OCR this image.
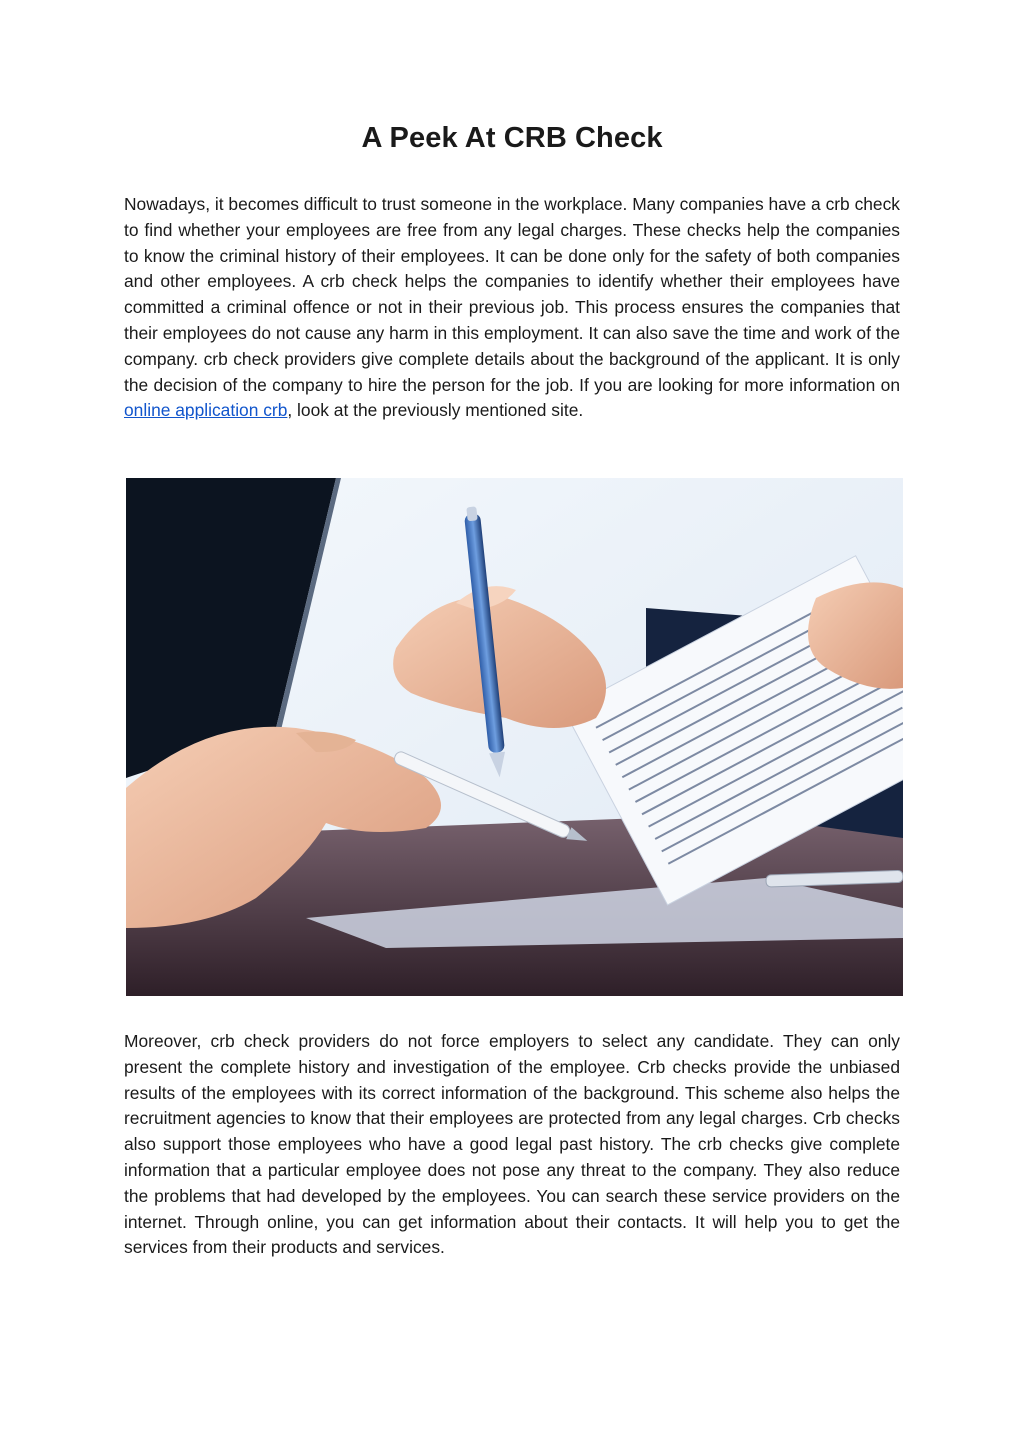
A Peek At CRB Check

Nowadays, it becomes difficult to trust someone in the workplace. Many companies have a crb check to find whether your employees are free from any legal charges. These checks help the companies to know the criminal history of their employees. It can be done only for the safety of both companies and other employees. A crb check helps the companies to identify whether their employees have committed a criminal offence or not in their previous job. This process ensures the companies that their employees do not cause any harm in this employment. It can also save the time and work of the company. crb check providers give complete details about the background of the applicant. It is only the decision of the company to hire the person for the job. If you are looking for more information on online application crb, look at the previously mentioned site.

Moreover, crb check providers do not force employers to select any candidate. They can only present the complete history and investigation of the employee. Crb checks provide the unbiased results of the employees with its correct information of the background. This scheme also helps the recruitment agencies to know that their employees are protected from any legal charges. Crb checks also support those employees who have a good legal past history. The crb checks give complete information that a particular employee does not pose any threat to the company. They also reduce the problems that had developed by the employees. You can search these service providers on the internet. Through online, you can get information about their contacts. It will help you to get the services from their products and services.
